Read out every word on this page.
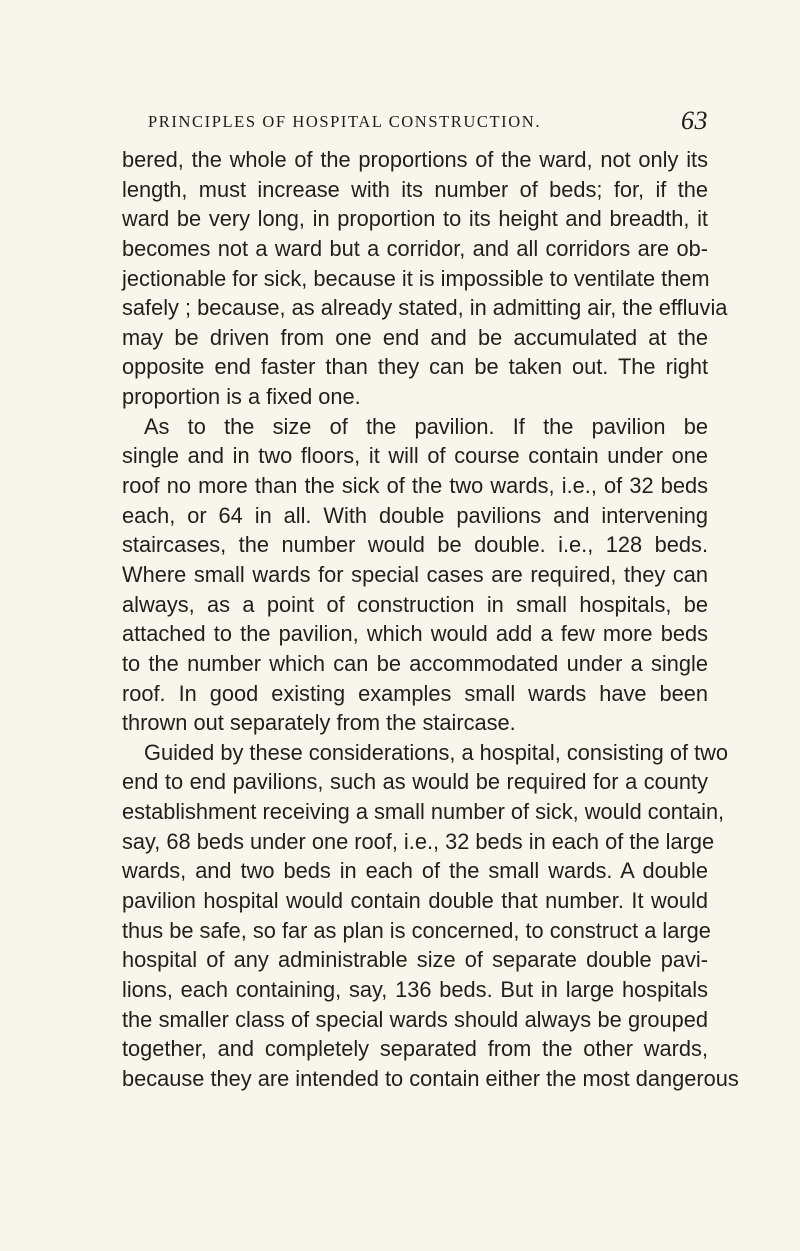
PRINCIPLES OF HOSPITAL CONSTRUCTION.	63
bered, the whole of the proportions of the ward, not only its
length, must increase with its number of beds; for, if the
ward be very long, in proportion to its height and breadth, it
becomes not a ward but a corridor, and all corridors are ob-
jectionable for sick, because it is impossible to ventilate them
safely ; because, as already stated, in admitting air, the effluvia
may be driven from one end and be accumulated at the
opposite end faster than they can be taken out. The right
proportion is a fixed one.
As to the size of the pavilion. If the pavilion be
single and in two floors, it will of course contain under one
roof no more than the sick of the two wards, i.e., of 32 beds
each, or 64 in all. With double pavilions and intervening
staircases, the number would be double. i.e., 128 beds.
Where small wards for special cases are required, they can
always, as a point of construction in small hospitals, be
attached to the pavilion, which would add a few more beds
to the number which can be accommodated under a single
roof. In good existing examples small wards have been
thrown out separately from the staircase.
Guided by these considerations, a hospital, consisting of two
end to end pavilions, such as would be required for a county
establishment receiving a small number of sick, would contain,
say, 68 beds under one roof, i.e., 32 beds in each of the large
wards, and two beds in each of the small wards. A double
pavilion hospital would contain double that number. It would
thus be safe, so far as plan is concerned, to construct a large
hospital of any administrable size of separate double pavi-
lions, each containing, say, 136 beds. But in large hospitals
the smaller class of special wards should always be grouped
together, and completely separated from the other wards,
because they are intended to contain either the most dangerous
